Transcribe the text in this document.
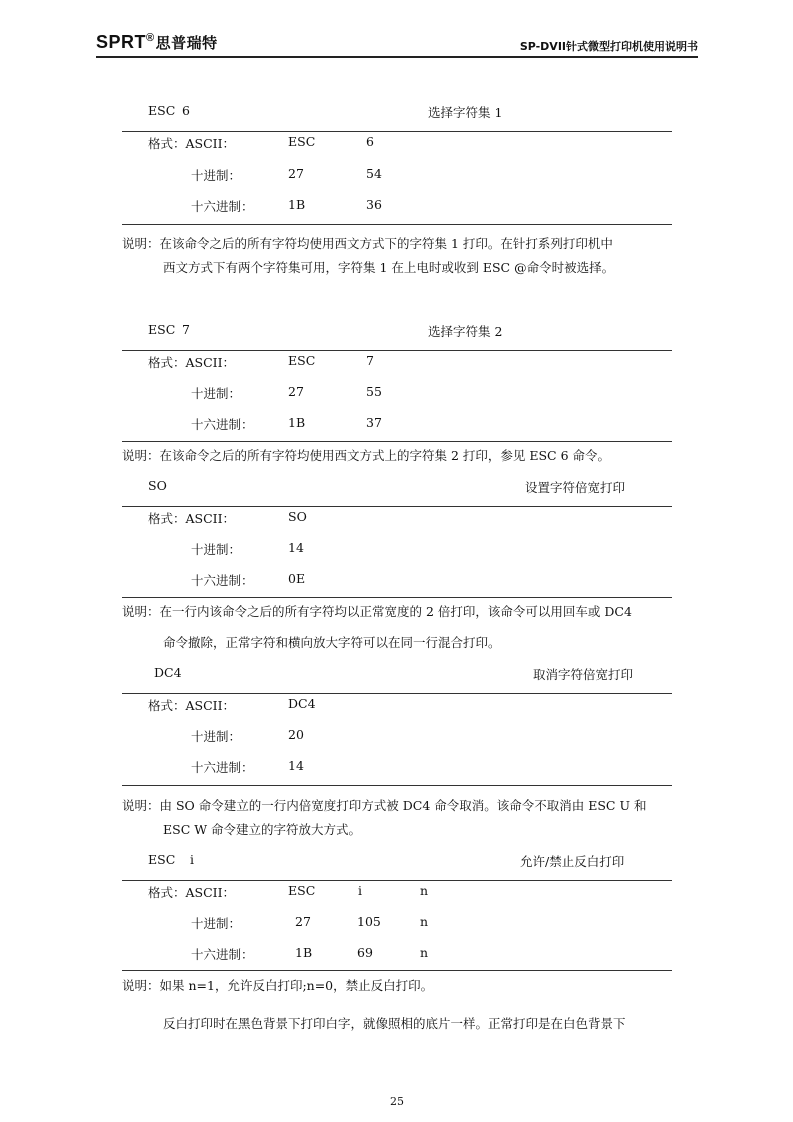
SPRT®思普瑞特	SP-DVII针式微型打印机使用说明书
ESC 6	选择字符集 1
格式：ASCII：	ESC	6
十进制：	27	54
十六进制：	1B	36
说明：在该命令之后的所有字符均使用西文方式下的字符集 1 打印。在针打系列打印机中
西文方式下有两个字符集可用，字符集 1 在上电时或收到 ESC @命令时被选择。
ESC 7	选择字符集 2
格式：ASCII：	ESC	7
十进制：	27	55
十六进制：	1B	37
说明：在该命令之后的所有字符均使用西文方式上的字符集 2 打印，参见 ESC 6 命令。
SO	设置字符倍宽打印
格式：ASCII：	SO
十进制：	14
十六进制：	0E
说明：在一行内该命令之后的所有字符均以正常宽度的 2 倍打印，该命令可以用回车或 DC4
命令撤除，正常字符和横向放大字符可以在同一行混合打印。
DC4	取消字符倍宽打印
格式：ASCII：	DC4
十进制：	20
十六进制：	14
说明：由 SO 命令建立的一行内倍宽度打印方式被 DC4 命令取消。该命令不取消由 ESC U 和
ESC W 命令建立的字符放大方式。
ESC i	允许/禁止反白打印
格式：ASCII：	ESC	i	n
十进制：	27	105	n
十六进制：	1B	69	n
说明：如果 n=1，允许反白打印;n=0，禁止反白打印。
反白打印时在黑色背景下打印白字，就像照相的底片一样。正常打印是在白色背景下
25
